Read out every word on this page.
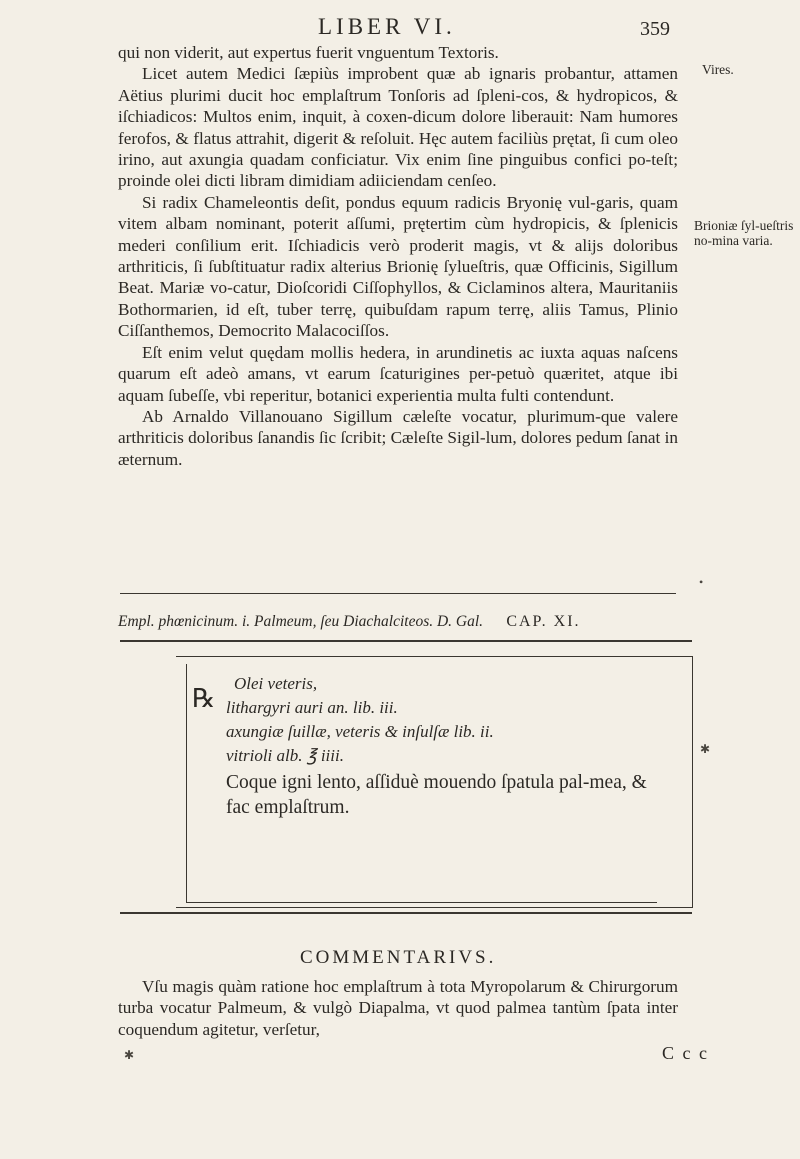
LIBER VI.	359

qui non viderit, aut expertus fuerit vnguentum Textoris.

Licet autem Medici ſæpiùs improbent quæ ab ignaris probantur, attamen Aëtius plurimi ducit hoc emplaſtrum Tonſoris ad ſpleni-cos, & hydropicos, & iſchiadicos: Multos enim, inquit, à coxen-dicum dolore liberauit: Nam humores ferofos, & flatus attrahit, digerit & reſoluit. Hęc autem faciliùs prętat, ſi cum oleo irino, aut axungia quadam conficiatur. Vix enim ſine pinguibus confici po-teſt; proinde olei dicti libram dimidiam adiiciendam cenſeo.

Si radix Chameleontis deſit, pondus equum radicis Bryonię vul-garis, quam vitem albam nominant, poterit aſſumi, prętertim cùm hydropicis, & ſplenicis mederi conſilium erit. Iſchiadicis verò proderit magis, vt & alijs doloribus arthriticis, ſi ſubſtituatur radix alterius Brionię ſylueſtris, quæ Officinis, Sigillum Beat. Mariæ vo-catur, Dioſcoridi Ciſſophyllos, & Ciclaminos altera, Mauritaniis Bothormarien, id eſt, tuber terrę, quibuſdam rapum terrę, aliis Tamus, Plinio Ciſſanthemos, Democrito Malacociſſos.

Eſt enim velut quędam mollis hedera, in arundinetis ac iuxta aquas naſcens quarum eſt adeò amans, vt earum ſcaturigines per-petuò quæritet, atque ibi aquam ſubeſſe, vbi reperitur, botanici experientia multa fulti contendunt.

Ab Arnaldo Villanouano Sigillum cæleſte vocatur, plurimum-que valere arthriticis doloribus ſanandis ſic ſcribit; Cæleſte Sigil-lum, dolores pedum ſanat in æternum.

Vires.
Brioniæ ſyl-ueſtris no-mina varia.
Empl. phœnicinum. i. Palmeum, ſeu Diachalciteos. D. Gal. CAP. XI.
℞
Olei veteris,
lithargyri auri an. lib. iii.
axungiæ ſuillæ, veteris & inſulſæ lib. ii.
vitrioli alb. ℥ iiii.
Coque igni lento, aſſiduè mouendo ſpatula pal-mea, & fac emplaſtrum.
COMMENTARIVS.

Vſu magis quàm ratione hoc emplaſtrum à tota Myropolarum & Chirurgorum turba vocatur Palmeum, & vulgò Diapalma, vt quod palmea tantùm ſpata inter coquendum agitetur, verſetur,

C c c
•
✱
✱
